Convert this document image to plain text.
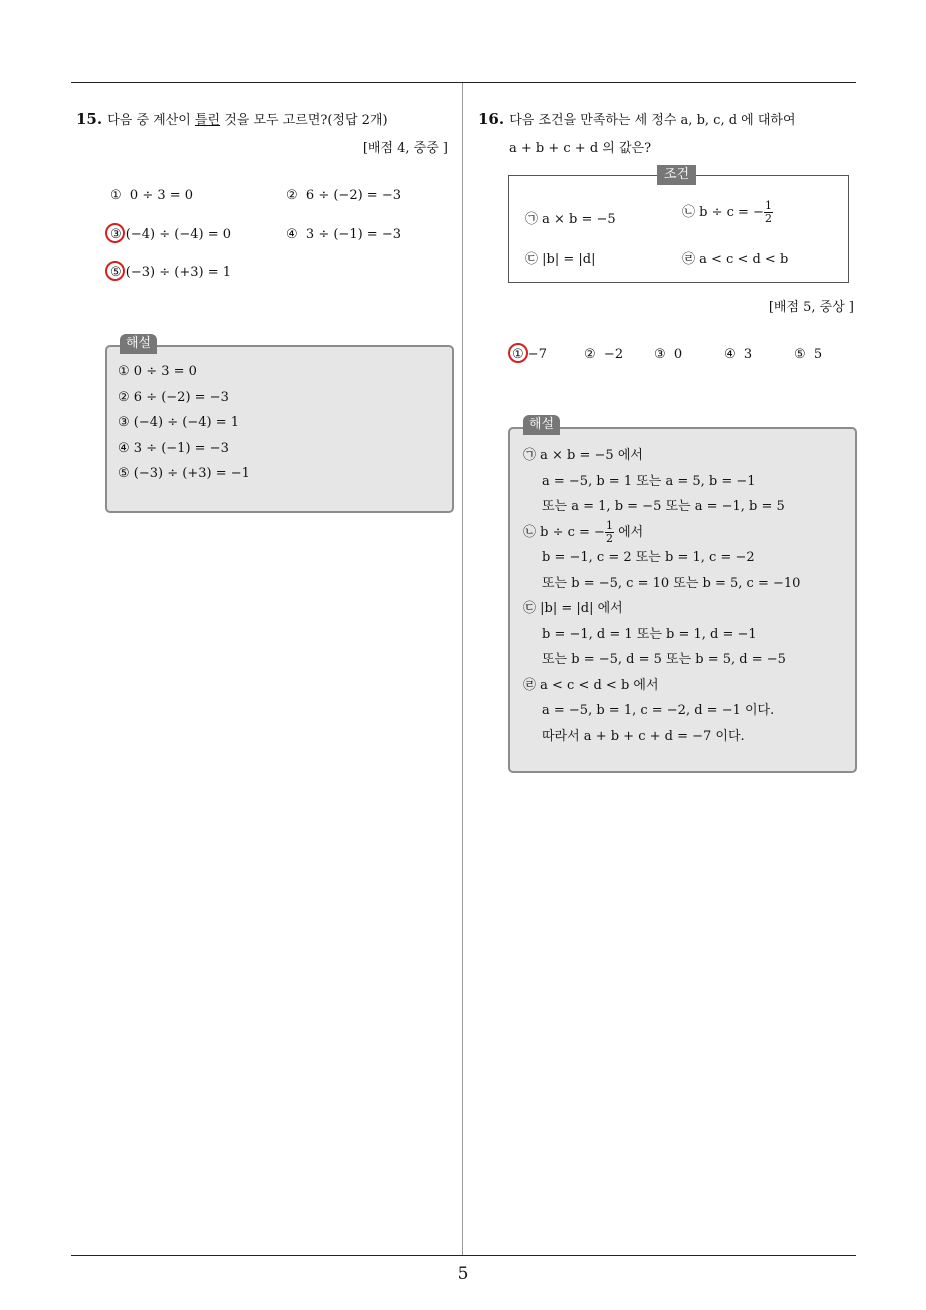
15. 다음 중 계산이 틀린 것을 모두 고르면?(정답 2개)
[배점 4, 중중 ]
① 0 ÷ 3 = 0	② 6 ÷ (−2) = −3
③ (−4) ÷ (−4) = 0	④ 3 ÷ (−1) = −3
⑤ (−3) ÷ (+3) = 1
① 0 ÷ 3 = 0
② 6 ÷ (−2) = −3
③ (−4) ÷ (−4) = 1
④ 3 ÷ (−1) = −3
⑤ (−3) ÷ (+3) = −1
해설
16. 다음 조건을 만족하는 세 정수 a, b, c, d 에 대하여
a + b + c + d 의 값은?
㉠ a × b = −5	㉡ b ÷ c = − $\frac{1}{2}$
㉢ |b| = |d|	㉣ a < c < d < b
조건
[배점 5, 중상 ]
① −7	② −2 ③ 0	④ 3	⑤ 5
㉠ a × b = −5 에서
a = −5, b = 1 또는 a = 5, b = −1
또는 a = 1, b = −5 또는 a = −1, b = 5
㉡ b ÷ c = − $\frac{1}{2}$ 에서
b = −1, c = 2 또는 b = 1, c = −2
또는 b = −5, c = 10 또는 b = 5, c = −10
㉢ |b| = |d| 에서
b = −1, d = 1 또는 b = 1, d = −1
또는 b = −5, d = 5 또는 b = 5, d = −5
㉣ a < c < d < b 에서
a = −5, b = 1, c = −2, d = −1 이다.
따라서 a + b + c + d = −7 이다.
해설
5
